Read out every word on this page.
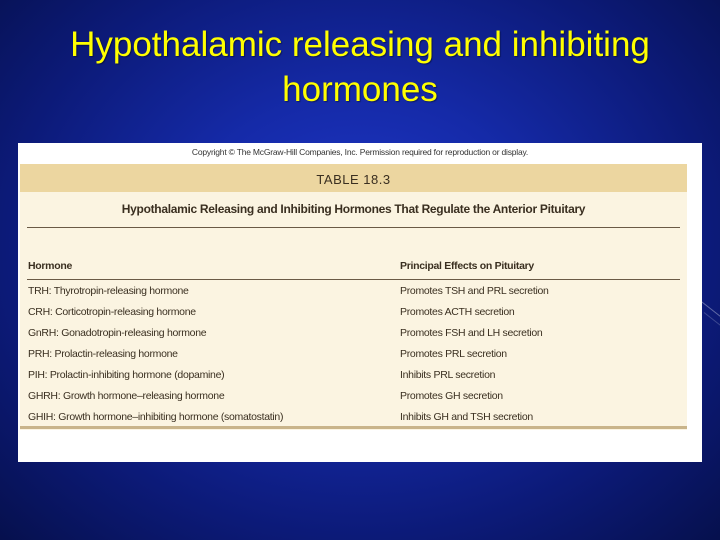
Hypothalamic releasing and inhibiting
hormones
Copyright © The McGraw-Hill Companies, Inc. Permission required for reproduction or display.
TABLE 18.3
Hypothalamic Releasing and Inhibiting Hormones That Regulate the Anterior Pituitary
Hormone	Principal Effects on Pituitary
TRH: Thyrotropin-releasing hormone	Promotes TSH and PRL secretion
CRH: Corticotropin-releasing hormone	Promotes ACTH secretion
GnRH: Gonadotropin-releasing hormone	Promotes FSH and LH secretion
PRH: Prolactin-releasing hormone	Promotes PRL secretion
PIH: Prolactin-inhibiting hormone (dopamine)	Inhibits PRL secretion
GHRH: Growth hormone–releasing hormone	Promotes GH secretion
GHIH: Growth hormone–inhibiting hormone (somatostatin)	Inhibits GH and TSH secretion
